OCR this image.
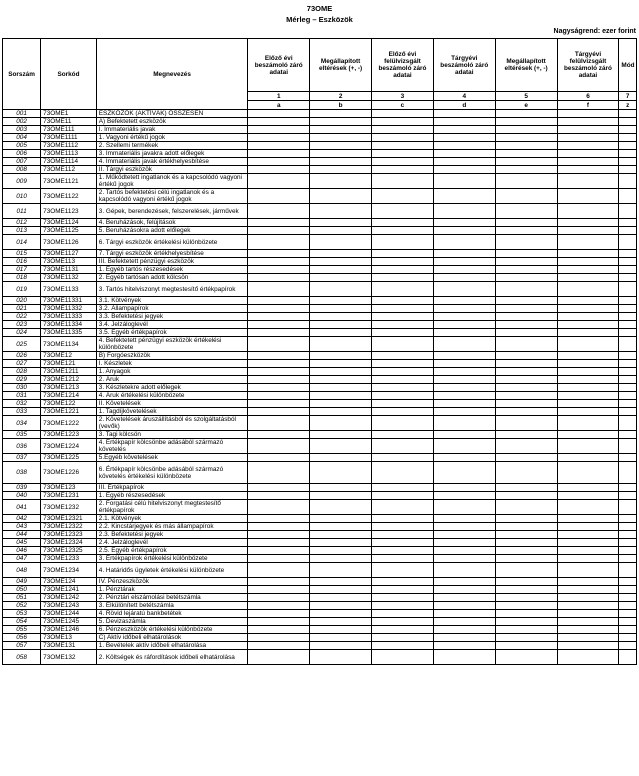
73OME
Mérleg – Eszközök
Nagyságrend: ezer forint
Sorszám	Sorkód	Megnevezés	Előző évi beszámoló záró adatai	Megállapított eltérések (+, -)	Előző évi felülvizsgált beszámoló záró adatai	Tárgyévi beszámoló záró adatai	Megállapított eltérések (+, -)	Tárgyévi felülvizsgált beszámoló záró adatai	Mód
			1	2	3	4	5	6	7
			a	b	c	d	e	f	z
001	73OME1	ESZKÖZÖK (AKTÍVÁK) ÖSSZESEN							
002	73OME11	A) Befektetett eszközök							
003	73OME111	I. Immateriális javak							
004	73OME1111	1. Vagyoni értékű jogok							
005	73OME1112	2. Szellemi termékek							
006	73OME1113	3. Immateriális javakra adott előlegek							
007	73OME1114	4. Immateriális javak értékhelyesbítése							
008	73OME112	II. Tárgyi eszközök							
009	73OME1121	1. Működtetett ingatlanok és a kapcsolódó vagyoni értékű jogok							
010	73OME1122	2. Tartós befektetési célú ingatlanok és a kapcsolódó vagyoni értékű jogok							
011	73OME1123	3. Gépek, berendezések, felszerelések, járművek							
012	73OME1124	4. Beruházások, felújítások							
013	73OME1125	5. Beruházásokra adott előlegek							
014	73OME1126	6. Tárgyi eszközök értékelési különbözete							
015	73OME1127	7. Tárgyi eszközök értékhelyesbítése							
016	73OME113	III. Befektetett pénzügyi eszközök							
017	73OME1131	1. Egyéb tartós részesedések							
018	73OME1132	2. Egyéb tartósan adott kölcsön							
019	73OME1133	3. Tartós hitelviszonyt megtestesítő értékpapírok							
020	73OME11331	3.1. Kötvények							
021	73OME11332	3.2. Állampapírok							
022	73OME11333	3.3. Befektetési jegyek							
023	73OME11334	3.4. Jelzáloglevél							
024	73OME11335	3.5. Egyéb értékpapírok							
025	73OME1134	4. Befektetett pénzügyi eszközök értékelési különbözete							
026	73OME12	B) Forgóeszközök							
027	73OME121	I. Készletek							
028	73OME1211	1. Anyagok							
029	73OME1212	2. Áruk							
030	73OME1213	3. Készletekre adott előlegek							
031	73OME1214	4. Áruk értékelési különbözete							
032	73OME122	II. Követelések							
033	73OME1221	1. Tagdíjkövetelések							
034	73OME1222	2. Követelések áruszállításból és szolgáltatásból (vevők)							
035	73OME1223	3. Tagi kölcsön							
036	73OME1224	4. Értékpapír kölcsönbe adásából származó követelés							
037	73OME1225	5.Egyéb követelések							
038	73OME1226	6. Értékpapír kölcsönbe adásából származó követelés értékelési különbözete							
039	73OME123	III. Értékpapírok							
040	73OME1231	1. Egyéb részesedések							
041	73OME1232	2. Forgatási célú hitelviszonyt megtestesítő értékpapírok							
042	73OME12321	2.1. Kötvények							
043	73OME12322	2.2. Kincstárjegyek és más állampapírok							
044	73OME12323	2.3. Befektetési jegyek							
045	73OME12324	2.4. Jelzáloglevél							
046	73OME12325	2.5. Egyéb értékpapírok							
047	73OME1233	3. Értékpapírok értékelési különbözete							
048	73OME1234	4. Határidős ügyletek értékelési különbözete							
049	73OME124	IV. Pénzeszközök							
050	73OME1241	1. Pénztárak							
051	73OME1242	2. Pénztári elszámolási betétszámla							
052	73OME1243	3. Elkülönített betétszámla							
053	73OME1244	4. Rövid lejáratú bankbetétek							
054	73OME1245	5. Devizaszámla							
055	73OME1246	6. Pénzeszközök értékelési különbözete							
056	73OME13	C) Aktív időbeli elhatárolások							
057	73OME131	1. Bevételek aktív időbeli elhatárolása							
058	73OME132	2. Költségek és ráfordítások időbeli elhatárolása							
